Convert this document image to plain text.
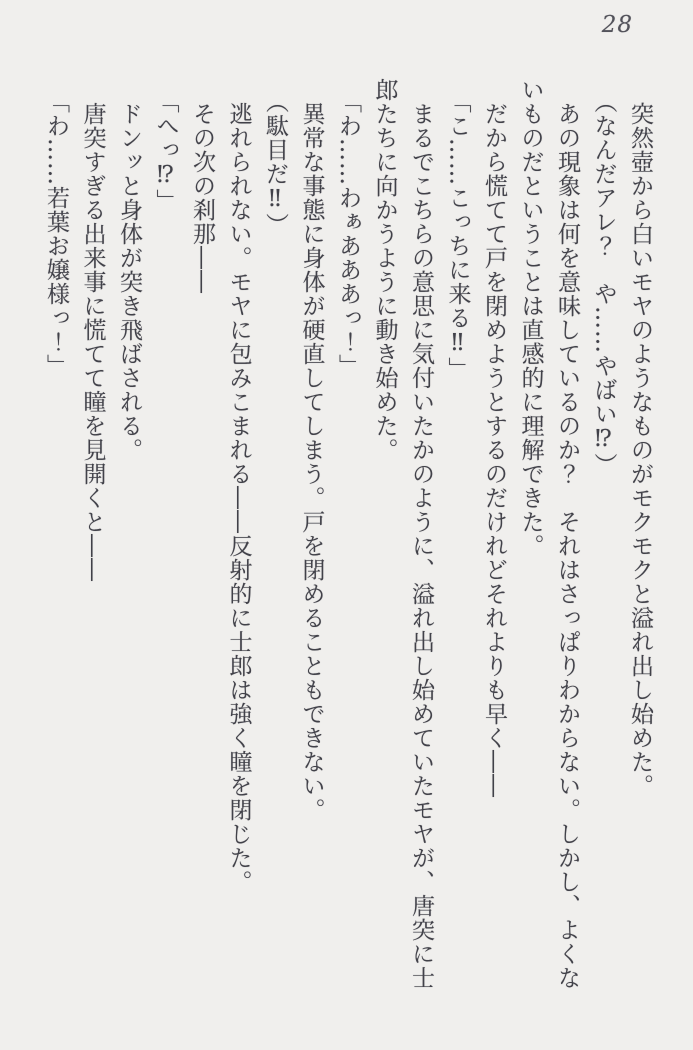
28

突然壺から白いモヤのようなものがモクモクと溢れ出し始めた。

（なんだアレ？　や……やばい⁉）

あの現象は何を意味しているのか？　それはさっぱりわからない。しかし、よくないものだということは直感的に理解できた。

だから慌てて戸を閉めようとするのだけれどそれよりも早く――

「こ……こっちに来る‼」

まるでこちらの意思に気付いたかのように、溢れ出し始めていたモヤが、唐突に士郎たちに向かうように動き始めた。

「わ……わぁあああっ！」

異常な事態に身体が硬直してしまう。戸を閉めることもできない。

（駄目だ‼）

逃れられない。モヤに包みこまれる――反射的に士郎は強く瞳を閉じた。

その次の刹那――

「へっ⁉」

ドンッと身体が突き飛ばされる。

唐突すぎる出来事に慌てて瞳を見開くと――

「わ……若葉お嬢様っ！」
